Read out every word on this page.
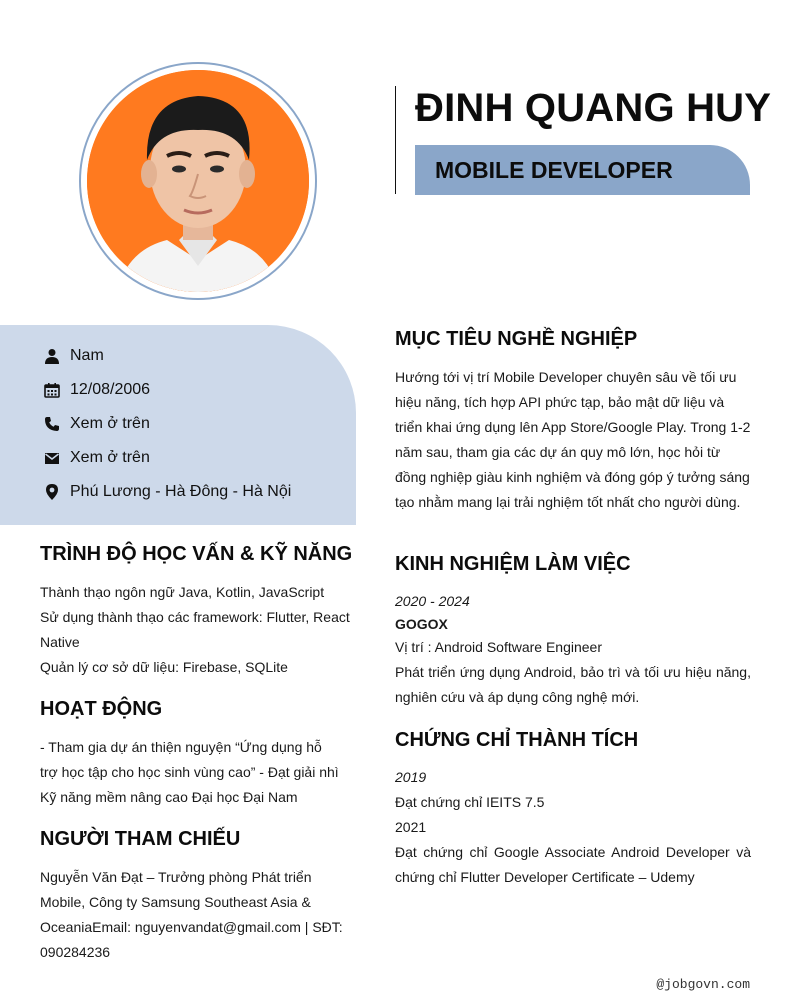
ĐINH QUANG HUY
MOBILE DEVELOPER
Nam
12/08/2006
Xem ở trên
Xem ở trên
Phú Lương - Hà Đông - Hà Nội
TRÌNH ĐỘ HỌC VẤN & KỸ NĂNG
Thành thạo ngôn ngữ Java, Kotlin, JavaScript
Sử dụng thành thạo các framework: Flutter, React Native
Quản lý cơ sở dữ liệu: Firebase, SQLite
HOẠT ĐỘNG
- Tham gia dự án thiện nguyện “Ứng dụng hỗ trợ học tập cho học sinh vùng cao” - Đạt giải nhì Kỹ năng mềm nâng cao Đại học Đại Nam
NGƯỜI THAM CHIẾU
Nguyễn Văn Đạt – Trưởng phòng Phát triển Mobile, Công ty Samsung Southeast Asia & OceaniaEmail: nguyenvandat@gmail.com | SĐT: 090284236
MỤC TIÊU NGHỀ NGHIỆP
Hướng tới vị trí Mobile Developer chuyên sâu về tối ưu hiệu năng, tích hợp API phức tạp, bảo mật dữ liệu và triển khai ứng dụng lên App Store/Google Play. Trong 1-2 năm sau, tham gia các dự án quy mô lớn, học hỏi từ đồng nghiệp giàu kinh nghiệm và đóng góp ý tưởng sáng tạo nhằm mang lại trải nghiệm tốt nhất cho người dùng.
KINH NGHIỆM LÀM VIỆC
2020 - 2024
GOGOX
Vị trí : Android Software Engineer
Phát triển ứng dụng Android, bảo trì và tối ưu hiệu năng, nghiên cứu và áp dụng công nghệ mới.
CHỨNG CHỈ THÀNH TÍCH
2019
Đạt chứng chỉ IEITS 7.5
2021
Đạt chứng chỉ Google Associate Android Developer và chứng chỉ Flutter Developer Certificate – Udemy
@jobgovn.com
